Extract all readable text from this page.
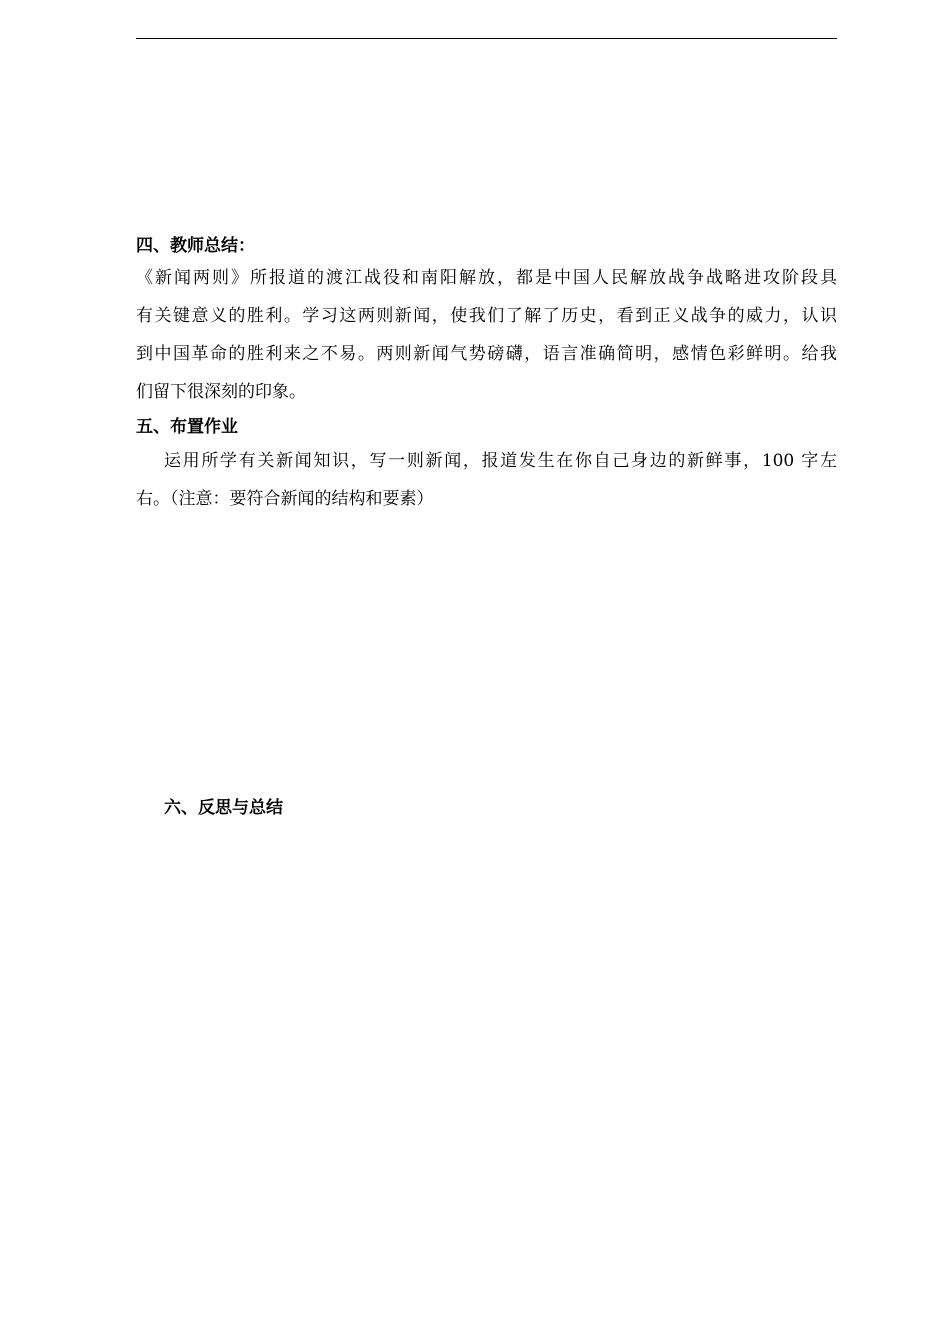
四、教师总结：
《新闻两则》所报道的渡江战役和南阳解放，都是中国人民解放战争战略进攻阶段具
有关键意义的胜利。学习这两则新闻，使我们了解了历史，看到正义战争的威力，认识
到中国革命的胜利来之不易。两则新闻气势磅礴，语言准确简明，感情色彩鲜明。给我
们留下很深刻的印象。
五、布置作业
运用所学有关新闻知识，写一则新闻，报道发生在你自己身边的新鲜事，100 字左
右。（注意：要符合新闻的结构和要素）
六、反思与总结
